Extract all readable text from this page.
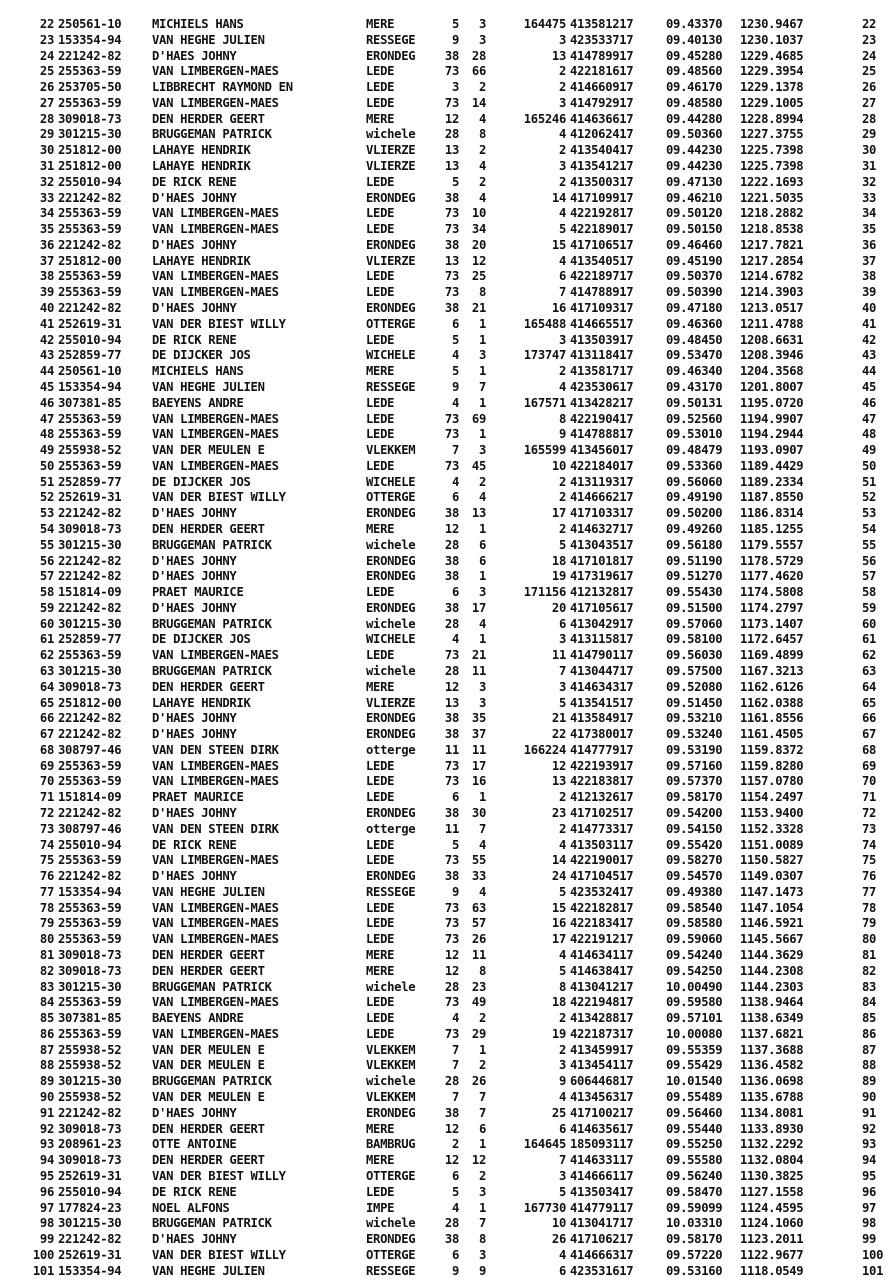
22 250561-10	MICHIELS HANS	MERE	5	3	164475 413581217	09.43370 1230.9467	22
23 153354-94	VAN HEGHE JULIEN	RESSEGE	9	3	3 423533717	09.40130 1230.1037	23
24 221242-82	D'HAES JOHNY	ERONDEG	38	28	13 414789917	09.45280 1229.4685	24
25 255363-59	VAN LIMBERGEN-MAES	LEDE	73	66	2 422181617	09.48560 1229.3954	25
26 253705-50	LIBBRECHT RAYMOND EN	LEDE	3	2	2 414660917	09.46170 1229.1378	26
27 255363-59	VAN LIMBERGEN-MAES	LEDE	73	14	3 414792917	09.48580 1229.1005	27
28 309018-73	DEN HERDER GEERT	MERE	12	4	165246 414636617	09.44280 1228.8994	28
29 301215-30	BRUGGEMAN PATRICK	wichele	28	8	4 412062417	09.50360 1227.3755	29
30 251812-00	LAHAYE HENDRIK	VLIERZE	13	2	2 413540417	09.44230 1225.7398	30
31 251812-00	LAHAYE HENDRIK	VLIERZE	13	4	3 413541217	09.44230 1225.7398	31
32 255010-94	DE RICK RENE	LEDE	5	2	2 413500317	09.47130 1222.1693	32
33 221242-82	D'HAES JOHNY	ERONDEG	38	4	14 417109917	09.46210 1221.5035	33
34 255363-59	VAN LIMBERGEN-MAES	LEDE	73	10	4 422192817	09.50120 1218.2882	34
35 255363-59	VAN LIMBERGEN-MAES	LEDE	73	34	5 422189017	09.50150 1218.8538	35
36 221242-82	D'HAES JOHNY	ERONDEG	38	20	15 417106517	09.46460 1217.7821	36
37 251812-00	LAHAYE HENDRIK	VLIERZE	13	12	4 413540517	09.45190 1217.2854	37
38 255363-59	VAN LIMBERGEN-MAES	LEDE	73	25	6 422189717	09.50370 1214.6782	38
39 255363-59	VAN LIMBERGEN-MAES	LEDE	73	8	7 414788917	09.50390 1214.3903	39
40 221242-82	D'HAES JOHNY	ERONDEG	38	21	16 417109317	09.47180 1213.0517	40
41 252619-31	VAN DER BIEST WILLY	OTTERGE	6	1	165488 414665517	09.46360 1211.4788	41
42 255010-94	DE RICK RENE	LEDE	5	1	3 413503917	09.48450 1208.6631	42
43 252859-77	DE DIJCKER JOS	WICHELE	4	3	173747 413118417	09.53470 1208.3946	43
44 250561-10	MICHIELS HANS	MERE	5	1	2 413581717	09.46340 1204.3568	44
45 153354-94	VAN HEGHE JULIEN	RESSEGE	9	7	4 423530617	09.43170 1201.8007	45
46 307381-85	BAEYENS ANDRE	LEDE	4	1	167571 413428217	09.50131 1195.0720	46
47 255363-59	VAN LIMBERGEN-MAES	LEDE	73	69	8 422190417	09.52560 1194.9907	47
48 255363-59	VAN LIMBERGEN-MAES	LEDE	73	1	9 414788817	09.53010 1194.2944	48
49 255938-52	VAN DER MEULEN E	VLEKKEM	7	3	165599 413456017	09.48479 1193.0907	49
50 255363-59	VAN LIMBERGEN-MAES	LEDE	73	45	10 422184017	09.53360 1189.4429	50
51 252859-77	DE DIJCKER JOS	WICHELE	4	2	2 413119317	09.56060 1189.2334	51
52 252619-31	VAN DER BIEST WILLY	OTTERGE	6	4	2 414666217	09.49190 1187.8550	52
53 221242-82	D'HAES JOHNY	ERONDEG	38	13	17 417103317	09.50200 1186.8314	53
54 309018-73	DEN HERDER GEERT	MERE	12	1	2 414632717	09.49260 1185.1255	54
55 301215-30	BRUGGEMAN PATRICK	wichele	28	6	5 413043517	09.56180 1179.5557	55
56 221242-82	D'HAES JOHNY	ERONDEG	38	6	18 417101817	09.51190 1178.5729	56
57 221242-82	D'HAES JOHNY	ERONDEG	38	1	19 417319617	09.51270 1177.4620	57
58 151814-09	PRAET MAURICE	LEDE	6	3	171156 412132817	09.55430 1174.5808	58
59 221242-82	D'HAES JOHNY	ERONDEG	38	17	20 417105617	09.51500 1174.2797	59
60 301215-30	BRUGGEMAN PATRICK	wichele	28	4	6 413042917	09.57060 1173.1407	60
61 252859-77	DE DIJCKER JOS	WICHELE	4	1	3 413115817	09.58100 1172.6457	61
62 255363-59	VAN LIMBERGEN-MAES	LEDE	73	21	11 414790117	09.56030 1169.4899	62
63 301215-30	BRUGGEMAN PATRICK	wichele	28	11	7 413044717	09.57500 1167.3213	63
64 309018-73	DEN HERDER GEERT	MERE	12	3	3 414634317	09.52080 1162.6126	64
65 251812-00	LAHAYE HENDRIK	VLIERZE	13	3	5 413541517	09.51450 1162.0388	65
66 221242-82	D'HAES JOHNY	ERONDEG	38	35	21 413584917	09.53210 1161.8556	66
67 221242-82	D'HAES JOHNY	ERONDEG	38	37	22 417380017	09.53240 1161.4505	67
68 308797-46	VAN DEN STEEN DIRK	otterge	11	11	166224 414777917	09.53190 1159.8372	68
69 255363-59	VAN LIMBERGEN-MAES	LEDE	73	17	12 422193917	09.57160 1159.8280	69
70 255363-59	VAN LIMBERGEN-MAES	LEDE	73	16	13 422183817	09.57370 1157.0780	70
71 151814-09	PRAET MAURICE	LEDE	6	1	2 412132617	09.58170 1154.2497	71
72 221242-82	D'HAES JOHNY	ERONDEG	38	30	23 417102517	09.54200 1153.9400	72
73 308797-46	VAN DEN STEEN DIRK	otterge	11	7	2 414773317	09.54150 1152.3328	73
74 255010-94	DE RICK RENE	LEDE	5	4	4 413503117	09.55420 1151.0089	74
75 255363-59	VAN LIMBERGEN-MAES	LEDE	73	55	14 422190017	09.58270 1150.5827	75
76 221242-82	D'HAES JOHNY	ERONDEG	38	33	24 417104517	09.54570 1149.0307	76
77 153354-94	VAN HEGHE JULIEN	RESSEGE	9	4	5 423532417	09.49380 1147.1473	77
78 255363-59	VAN LIMBERGEN-MAES	LEDE	73	63	15 422182817	09.58540 1147.1054	78
79 255363-59	VAN LIMBERGEN-MAES	LEDE	73	57	16 422183417	09.58580 1146.5921	79
80 255363-59	VAN LIMBERGEN-MAES	LEDE	73	26	17 422191217	09.59060 1145.5667	80
81 309018-73	DEN HERDER GEERT	MERE	12	11	4 414634117	09.54240 1144.3629	81
82 309018-73	DEN HERDER GEERT	MERE	12	8	5 414638417	09.54250 1144.2308	82
83 301215-30	BRUGGEMAN PATRICK	wichele	28	23	8 413041217	10.00490 1144.2303	83
84 255363-59	VAN LIMBERGEN-MAES	LEDE	73	49	18 422194817	09.59580 1138.9464	84
85 307381-85	BAEYENS ANDRE	LEDE	4	2	2 413428817	09.57101 1138.6349	85
86 255363-59	VAN LIMBERGEN-MAES	LEDE	73	29	19 422187317	10.00080 1137.6821	86
87 255938-52	VAN DER MEULEN E	VLEKKEM	7	1	2 413459917	09.55359 1137.3688	87
88 255938-52	VAN DER MEULEN E	VLEKKEM	7	2	3 413454117	09.55429 1136.4582	88
89 301215-30	BRUGGEMAN PATRICK	wichele	28	26	9 606446817	10.01540 1136.0698	89
90 255938-52	VAN DER MEULEN E	VLEKKEM	7	7	4 413456317	09.55489 1135.6788	90
91 221242-82	D'HAES JOHNY	ERONDEG	38	7	25 417100217	09.56460 1134.8081	91
92 309018-73	DEN HERDER GEERT	MERE	12	6	6 414635617	09.55440 1133.8930	92
93 208961-23	OTTE ANTOINE	BAMBRUG	2	1	164645 185093117	09.55250 1132.2292	93
94 309018-73	DEN HERDER GEERT	MERE	12	12	7 414633117	09.55580 1132.0804	94
95 252619-31	VAN DER BIEST WILLY	OTTERGE	6	2	3 414666117	09.56240 1130.3825	95
96 255010-94	DE RICK RENE	LEDE	5	3	5 413503417	09.58470 1127.1558	96
97 177824-23	NOEL ALFONS	IMPE	4	1	167730 414779117	09.59099 1124.4595	97
98 301215-30	BRUGGEMAN PATRICK	wichele	28	7	10 413041717	10.03310 1124.1060	98
99 221242-82	D'HAES JOHNY	ERONDEG	38	8	26 417106217	09.58170 1123.2011	99
100 252619-31	VAN DER BIEST WILLY	OTTERGE	6	3	4 414666317	09.57220 1122.9677	100
101 153354-94	VAN HEGHE JULIEN	RESSEGE	9	9	6 423531617	09.53160 1118.0549	101
